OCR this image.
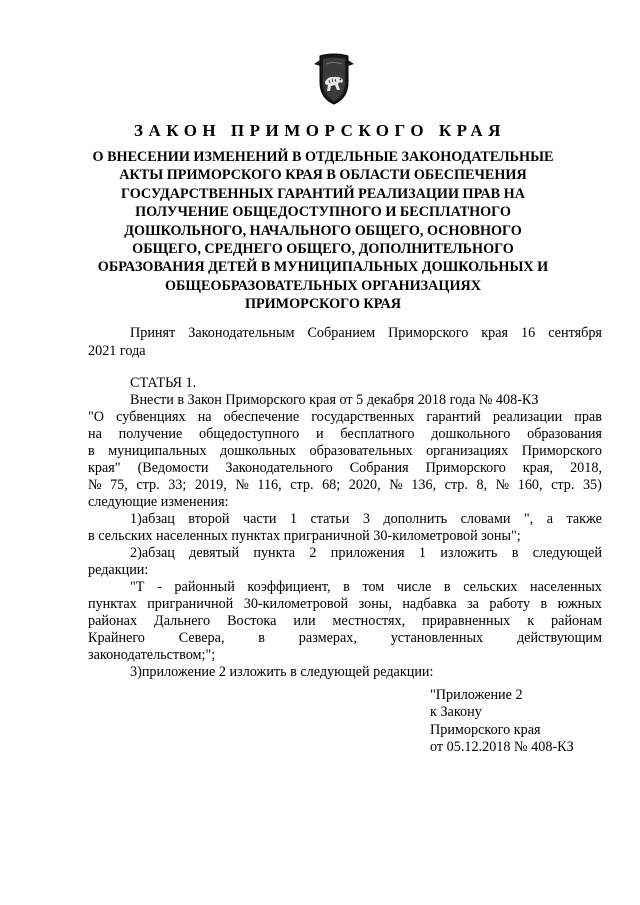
ЗАКОН ПРИМОРСКОГО КРАЯ
О ВНЕСЕНИИ ИЗМЕНЕНИЙ В ОТДЕЛЬНЫЕ ЗАКОНОДАТЕЛЬНЫЕ
АКТЫ ПРИМОРСКОГО КРАЯ В ОБЛАСТИ ОБЕСПЕЧЕНИЯ
ГОСУДАРСТВЕННЫХ ГАРАНТИЙ РЕАЛИЗАЦИИ ПРАВ НА
ПОЛУЧЕНИЕ ОБЩЕДОСТУПНОГО И БЕСПЛАТНОГО
ДОШКОЛЬНОГО, НАЧАЛЬНОГО ОБЩЕГО, ОСНОВНОГО
ОБЩЕГО, СРЕДНЕГО ОБЩЕГО, ДОПОЛНИТЕЛЬНОГО
ОБРАЗОВАНИЯ ДЕТЕЙ В МУНИЦИПАЛЬНЫХ ДОШКОЛЬНЫХ И
ОБЩЕОБРАЗОВАТЕЛЬНЫХ ОРГАНИЗАЦИЯХ
ПРИМОРСКОГО КРАЯ
Принят Законодательным Собранием Приморского края 16 сентября
2021 года
СТАТЬЯ 1.
Внести в Закон Приморского края от 5 декабря 2018 года № 408-КЗ
"О субвенциях на обеспечение государственных гарантий реализации прав
на получение общедоступного и бесплатного дошкольного образования
в муниципальных дошкольных образовательных организациях Приморского
края" (Ведомости Законодательного Собрания Приморского края, 2018,
№ 75, стр. 33; 2019, № 116, стр. 68; 2020, № 136, стр. 8, № 160, стр. 35)
следующие изменения:
1)абзац второй части 1 статьи 3 дополнить словами ", а также
в сельских населенных пунктах приграничной 30-километровой зоны";
2)абзац девятый пункта 2 приложения 1 изложить в следующей
редакции:
"Т - районный коэффициент, в том числе в сельских населенных
пунктах приграничной 30-километровой зоны, надбавка за работу в южных
районах Дальнего Востока или местностях, приравненных к районам
Крайнего Севера, в размерах, установленных действующим
законодательством;";
3)приложение 2 изложить в следующей редакции:
"Приложение 2
к Закону
Приморского края
от 05.12.2018 № 408-КЗ
